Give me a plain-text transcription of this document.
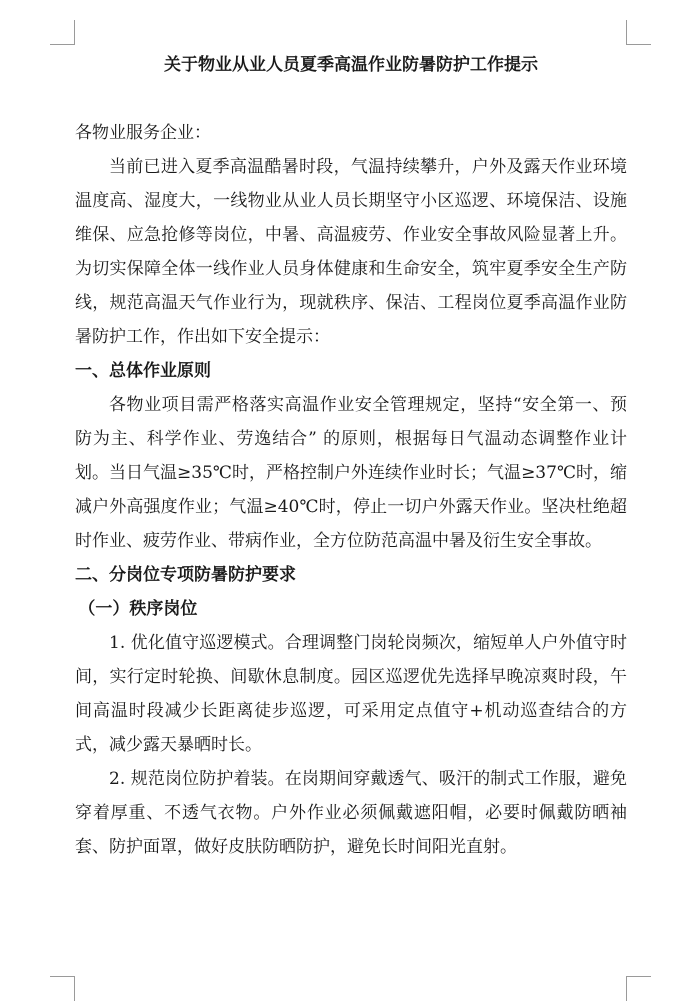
关于物业从业人员夏季高温作业防暑防护工作提示

各物业服务企业：

当前已进入夏季高温酷暑时段，气温持续攀升，户外及露天作业环境温度高、湿度大，一线物业从业人员长期坚守小区巡逻、环境保洁、设施维保、应急抢修等岗位，中暑、高温疲劳、作业安全事故风险显著上升。为切实保障全体一线作业人员身体健康和生命安全，筑牢夏季安全生产防线，规范高温天气作业行为，现就秩序、保洁、工程岗位夏季高温作业防暑防护工作，作出如下安全提示：

一、总体作业原则

各物业项目需严格落实高温作业安全管理规定，坚持“安全第一、预防为主、科学作业、劳逸结合” 的原则，根据每日气温动态调整作业计划。当日气温≥35℃时，严格控制户外连续作业时长；气温≥37℃时，缩减户外高强度作业；气温≥40℃时，停止一切户外露天作业。坚决杜绝超时作业、疲劳作业、带病作业，全方位防范高温中暑及衍生安全事故。

二、分岗位专项防暑防护要求

（一）秩序岗位

1. 优化值守巡逻模式。合理调整门岗轮岗频次，缩短单人户外值守时间，实行定时轮换、间歇休息制度。园区巡逻优先选择早晚凉爽时段，午间高温时段减少长距离徒步巡逻，可采用定点值守+机动巡查结合的方式，减少露天暴晒时长。

2. 规范岗位防护着装。在岗期间穿戴透气、吸汗的制式工作服，避免穿着厚重、不透气衣物。户外作业必须佩戴遮阳帽，必要时佩戴防晒袖套、防护面罩，做好皮肤防晒防护，避免长时间阳光直射。
